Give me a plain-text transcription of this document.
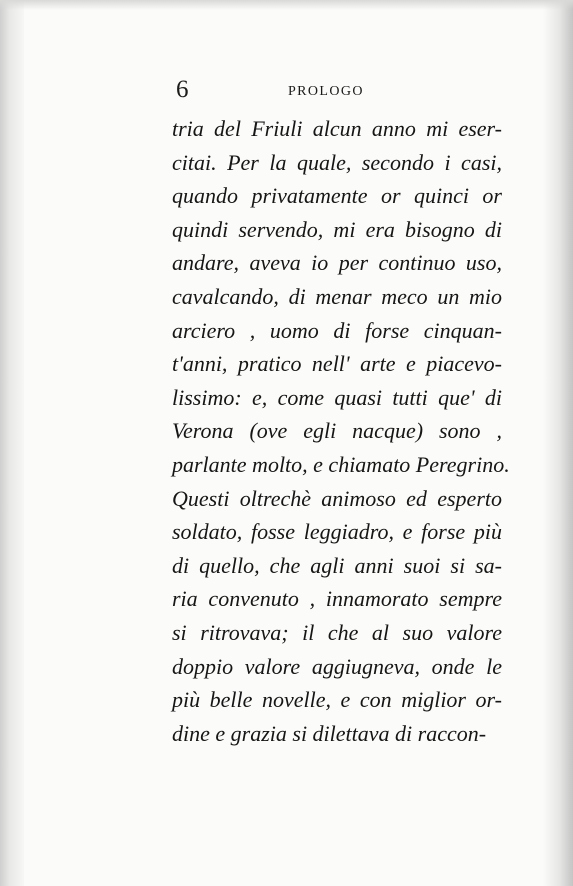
6	PROLOGO
tria del Friuli alcun anno mi eser-
citai. Per la quale, secondo i casi,
quando privatamente or quinci or
quindi servendo, mi era bisogno di
andare, aveva io per continuo uso,
cavalcando, di menar meco un mio
arciero , uomo di forse cinquan-
t'anni, pratico nell' arte e piacevo-
lissimo: e, come quasi tutti que' di
Verona (ove egli nacque) sono ,
parlante molto, e chiamato Peregrino.
Questi oltrechè animoso ed esperto
soldato, fosse leggiadro, e forse più
di quello, che agli anni suoi si sa-
ria convenuto , innamorato sempre
si ritrovava; il che al suo valore
doppio valore aggiugneva, onde le
più belle novelle, e con miglior or-
dine e grazia si dilettava di raccon-
